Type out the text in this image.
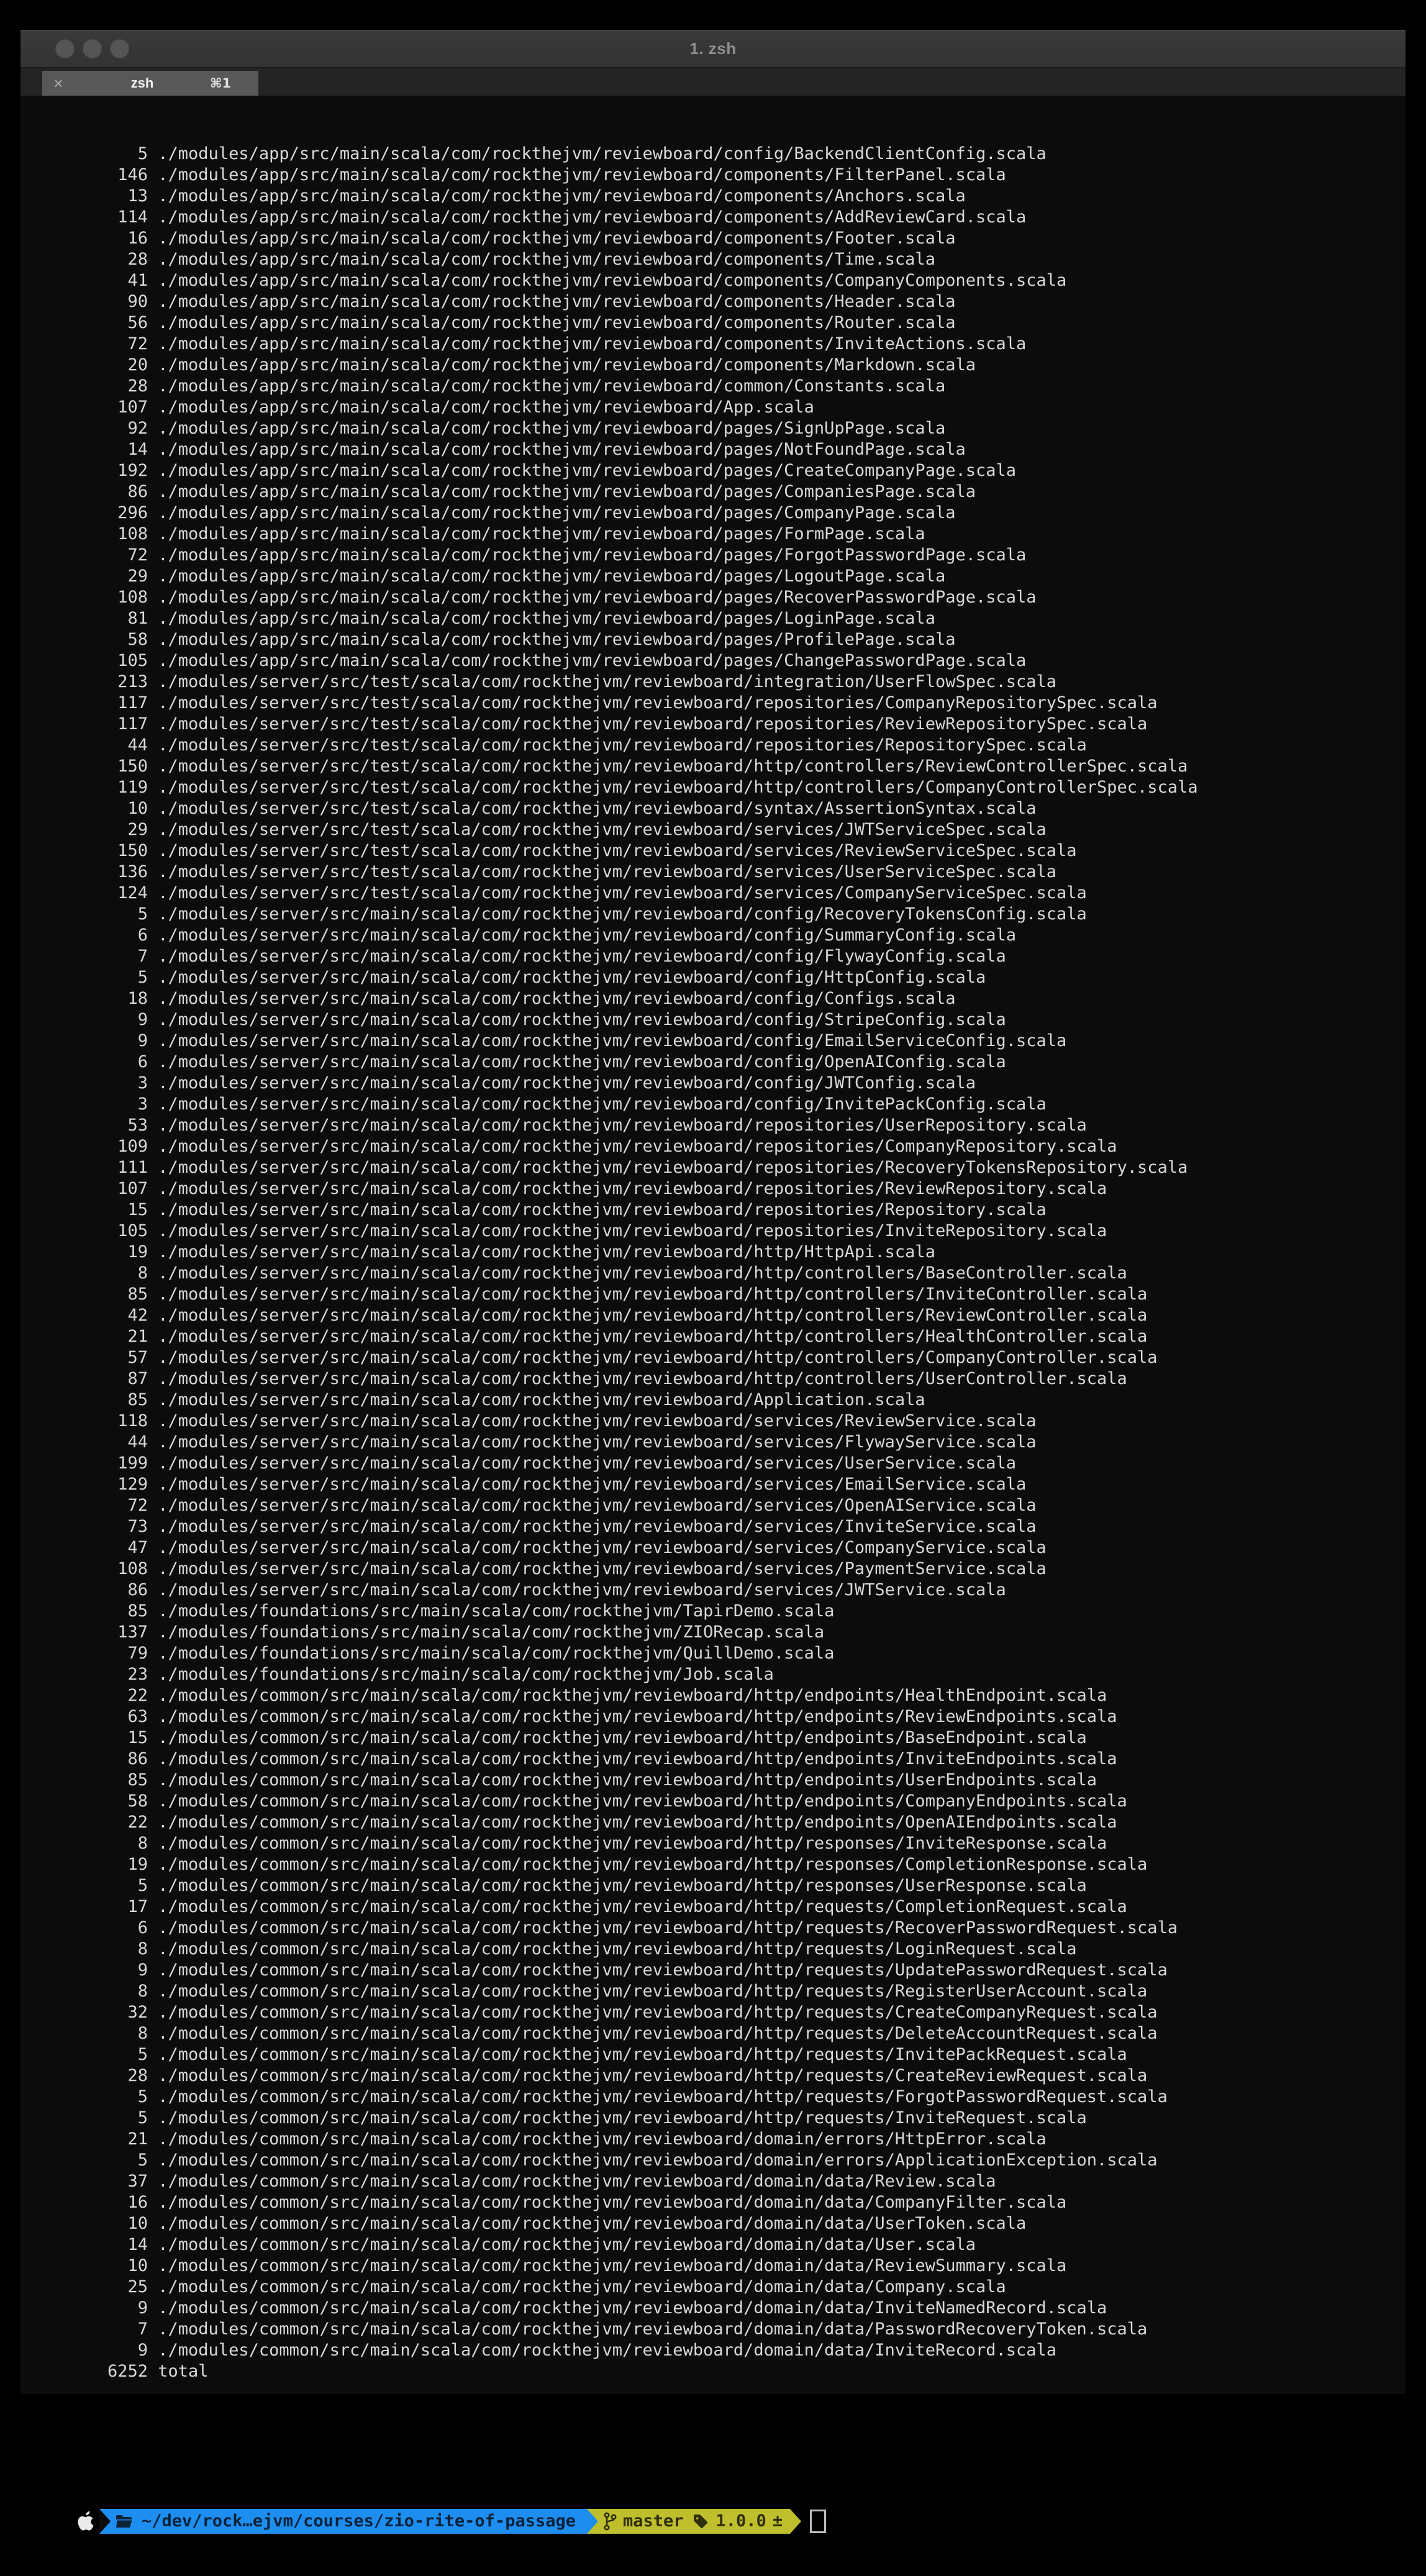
1. zsh
×	zsh	⌘1

5 ./modules/app/src/main/scala/com/rockthejvm/reviewboard/config/BackendClientConfig.scala
146 ./modules/app/src/main/scala/com/rockthejvm/reviewboard/components/FilterPanel.scala
13 ./modules/app/src/main/scala/com/rockthejvm/reviewboard/components/Anchors.scala
114 ./modules/app/src/main/scala/com/rockthejvm/reviewboard/components/AddReviewCard.scala
16 ./modules/app/src/main/scala/com/rockthejvm/reviewboard/components/Footer.scala
28 ./modules/app/src/main/scala/com/rockthejvm/reviewboard/components/Time.scala
41 ./modules/app/src/main/scala/com/rockthejvm/reviewboard/components/CompanyComponents.scala
90 ./modules/app/src/main/scala/com/rockthejvm/reviewboard/components/Header.scala
56 ./modules/app/src/main/scala/com/rockthejvm/reviewboard/components/Router.scala
72 ./modules/app/src/main/scala/com/rockthejvm/reviewboard/components/InviteActions.scala
20 ./modules/app/src/main/scala/com/rockthejvm/reviewboard/components/Markdown.scala
28 ./modules/app/src/main/scala/com/rockthejvm/reviewboard/common/Constants.scala
107 ./modules/app/src/main/scala/com/rockthejvm/reviewboard/App.scala
92 ./modules/app/src/main/scala/com/rockthejvm/reviewboard/pages/SignUpPage.scala
14 ./modules/app/src/main/scala/com/rockthejvm/reviewboard/pages/NotFoundPage.scala
192 ./modules/app/src/main/scala/com/rockthejvm/reviewboard/pages/CreateCompanyPage.scala
86 ./modules/app/src/main/scala/com/rockthejvm/reviewboard/pages/CompaniesPage.scala
296 ./modules/app/src/main/scala/com/rockthejvm/reviewboard/pages/CompanyPage.scala
108 ./modules/app/src/main/scala/com/rockthejvm/reviewboard/pages/FormPage.scala
72 ./modules/app/src/main/scala/com/rockthejvm/reviewboard/pages/ForgotPasswordPage.scala
29 ./modules/app/src/main/scala/com/rockthejvm/reviewboard/pages/LogoutPage.scala
108 ./modules/app/src/main/scala/com/rockthejvm/reviewboard/pages/RecoverPasswordPage.scala
81 ./modules/app/src/main/scala/com/rockthejvm/reviewboard/pages/LoginPage.scala
58 ./modules/app/src/main/scala/com/rockthejvm/reviewboard/pages/ProfilePage.scala
105 ./modules/app/src/main/scala/com/rockthejvm/reviewboard/pages/ChangePasswordPage.scala
213 ./modules/server/src/test/scala/com/rockthejvm/reviewboard/integration/UserFlowSpec.scala
117 ./modules/server/src/test/scala/com/rockthejvm/reviewboard/repositories/CompanyRepositorySpec.scala
117 ./modules/server/src/test/scala/com/rockthejvm/reviewboard/repositories/ReviewRepositorySpec.scala
44 ./modules/server/src/test/scala/com/rockthejvm/reviewboard/repositories/RepositorySpec.scala
150 ./modules/server/src/test/scala/com/rockthejvm/reviewboard/http/controllers/ReviewControllerSpec.scala
119 ./modules/server/src/test/scala/com/rockthejvm/reviewboard/http/controllers/CompanyControllerSpec.scala
10 ./modules/server/src/test/scala/com/rockthejvm/reviewboard/syntax/AssertionSyntax.scala
29 ./modules/server/src/test/scala/com/rockthejvm/reviewboard/services/JWTServiceSpec.scala
150 ./modules/server/src/test/scala/com/rockthejvm/reviewboard/services/ReviewServiceSpec.scala
136 ./modules/server/src/test/scala/com/rockthejvm/reviewboard/services/UserServiceSpec.scala
124 ./modules/server/src/test/scala/com/rockthejvm/reviewboard/services/CompanyServiceSpec.scala
5 ./modules/server/src/main/scala/com/rockthejvm/reviewboard/config/RecoveryTokensConfig.scala
6 ./modules/server/src/main/scala/com/rockthejvm/reviewboard/config/SummaryConfig.scala
7 ./modules/server/src/main/scala/com/rockthejvm/reviewboard/config/FlywayConfig.scala
5 ./modules/server/src/main/scala/com/rockthejvm/reviewboard/config/HttpConfig.scala
18 ./modules/server/src/main/scala/com/rockthejvm/reviewboard/config/Configs.scala
9 ./modules/server/src/main/scala/com/rockthejvm/reviewboard/config/StripeConfig.scala
9 ./modules/server/src/main/scala/com/rockthejvm/reviewboard/config/EmailServiceConfig.scala
6 ./modules/server/src/main/scala/com/rockthejvm/reviewboard/config/OpenAIConfig.scala
3 ./modules/server/src/main/scala/com/rockthejvm/reviewboard/config/JWTConfig.scala
3 ./modules/server/src/main/scala/com/rockthejvm/reviewboard/config/InvitePackConfig.scala
53 ./modules/server/src/main/scala/com/rockthejvm/reviewboard/repositories/UserRepository.scala
109 ./modules/server/src/main/scala/com/rockthejvm/reviewboard/repositories/CompanyRepository.scala
111 ./modules/server/src/main/scala/com/rockthejvm/reviewboard/repositories/RecoveryTokensRepository.scala
107 ./modules/server/src/main/scala/com/rockthejvm/reviewboard/repositories/ReviewRepository.scala
15 ./modules/server/src/main/scala/com/rockthejvm/reviewboard/repositories/Repository.scala
105 ./modules/server/src/main/scala/com/rockthejvm/reviewboard/repositories/InviteRepository.scala
19 ./modules/server/src/main/scala/com/rockthejvm/reviewboard/http/HttpApi.scala
8 ./modules/server/src/main/scala/com/rockthejvm/reviewboard/http/controllers/BaseController.scala
85 ./modules/server/src/main/scala/com/rockthejvm/reviewboard/http/controllers/InviteController.scala
42 ./modules/server/src/main/scala/com/rockthejvm/reviewboard/http/controllers/ReviewController.scala
21 ./modules/server/src/main/scala/com/rockthejvm/reviewboard/http/controllers/HealthController.scala
57 ./modules/server/src/main/scala/com/rockthejvm/reviewboard/http/controllers/CompanyController.scala
87 ./modules/server/src/main/scala/com/rockthejvm/reviewboard/http/controllers/UserController.scala
85 ./modules/server/src/main/scala/com/rockthejvm/reviewboard/Application.scala
118 ./modules/server/src/main/scala/com/rockthejvm/reviewboard/services/ReviewService.scala
44 ./modules/server/src/main/scala/com/rockthejvm/reviewboard/services/FlywayService.scala
199 ./modules/server/src/main/scala/com/rockthejvm/reviewboard/services/UserService.scala
129 ./modules/server/src/main/scala/com/rockthejvm/reviewboard/services/EmailService.scala
72 ./modules/server/src/main/scala/com/rockthejvm/reviewboard/services/OpenAIService.scala
73 ./modules/server/src/main/scala/com/rockthejvm/reviewboard/services/InviteService.scala
47 ./modules/server/src/main/scala/com/rockthejvm/reviewboard/services/CompanyService.scala
108 ./modules/server/src/main/scala/com/rockthejvm/reviewboard/services/PaymentService.scala
86 ./modules/server/src/main/scala/com/rockthejvm/reviewboard/services/JWTService.scala
85 ./modules/foundations/src/main/scala/com/rockthejvm/TapirDemo.scala
137 ./modules/foundations/src/main/scala/com/rockthejvm/ZIORecap.scala
79 ./modules/foundations/src/main/scala/com/rockthejvm/QuillDemo.scala
23 ./modules/foundations/src/main/scala/com/rockthejvm/Job.scala
22 ./modules/common/src/main/scala/com/rockthejvm/reviewboard/http/endpoints/HealthEndpoint.scala
63 ./modules/common/src/main/scala/com/rockthejvm/reviewboard/http/endpoints/ReviewEndpoints.scala
15 ./modules/common/src/main/scala/com/rockthejvm/reviewboard/http/endpoints/BaseEndpoint.scala
86 ./modules/common/src/main/scala/com/rockthejvm/reviewboard/http/endpoints/InviteEndpoints.scala
85 ./modules/common/src/main/scala/com/rockthejvm/reviewboard/http/endpoints/UserEndpoints.scala
58 ./modules/common/src/main/scala/com/rockthejvm/reviewboard/http/endpoints/CompanyEndpoints.scala
22 ./modules/common/src/main/scala/com/rockthejvm/reviewboard/http/endpoints/OpenAIEndpoints.scala
8 ./modules/common/src/main/scala/com/rockthejvm/reviewboard/http/responses/InviteResponse.scala
19 ./modules/common/src/main/scala/com/rockthejvm/reviewboard/http/responses/CompletionResponse.scala
5 ./modules/common/src/main/scala/com/rockthejvm/reviewboard/http/responses/UserResponse.scala
17 ./modules/common/src/main/scala/com/rockthejvm/reviewboard/http/requests/CompletionRequest.scala
6 ./modules/common/src/main/scala/com/rockthejvm/reviewboard/http/requests/RecoverPasswordRequest.scala
8 ./modules/common/src/main/scala/com/rockthejvm/reviewboard/http/requests/LoginRequest.scala
9 ./modules/common/src/main/scala/com/rockthejvm/reviewboard/http/requests/UpdatePasswordRequest.scala
8 ./modules/common/src/main/scala/com/rockthejvm/reviewboard/http/requests/RegisterUserAccount.scala
32 ./modules/common/src/main/scala/com/rockthejvm/reviewboard/http/requests/CreateCompanyRequest.scala
8 ./modules/common/src/main/scala/com/rockthejvm/reviewboard/http/requests/DeleteAccountRequest.scala
5 ./modules/common/src/main/scala/com/rockthejvm/reviewboard/http/requests/InvitePackRequest.scala
28 ./modules/common/src/main/scala/com/rockthejvm/reviewboard/http/requests/CreateReviewRequest.scala
5 ./modules/common/src/main/scala/com/rockthejvm/reviewboard/http/requests/ForgotPasswordRequest.scala
5 ./modules/common/src/main/scala/com/rockthejvm/reviewboard/http/requests/InviteRequest.scala
21 ./modules/common/src/main/scala/com/rockthejvm/reviewboard/domain/errors/HttpError.scala
5 ./modules/common/src/main/scala/com/rockthejvm/reviewboard/domain/errors/ApplicationException.scala
37 ./modules/common/src/main/scala/com/rockthejvm/reviewboard/domain/data/Review.scala
16 ./modules/common/src/main/scala/com/rockthejvm/reviewboard/domain/data/CompanyFilter.scala
10 ./modules/common/src/main/scala/com/rockthejvm/reviewboard/domain/data/UserToken.scala
14 ./modules/common/src/main/scala/com/rockthejvm/reviewboard/domain/data/User.scala
10 ./modules/common/src/main/scala/com/rockthejvm/reviewboard/domain/data/ReviewSummary.scala
25 ./modules/common/src/main/scala/com/rockthejvm/reviewboard/domain/data/Company.scala
9 ./modules/common/src/main/scala/com/rockthejvm/reviewboard/domain/data/InviteNamedRecord.scala
7 ./modules/common/src/main/scala/com/rockthejvm/reviewboard/domain/data/PasswordRecoveryToken.scala
9 ./modules/common/src/main/scala/com/rockthejvm/reviewboard/domain/data/InviteRecord.scala
6252 total

~/dev/rock…ejvm/courses/zio-rite-of-passage	master 1.0.0 ±
